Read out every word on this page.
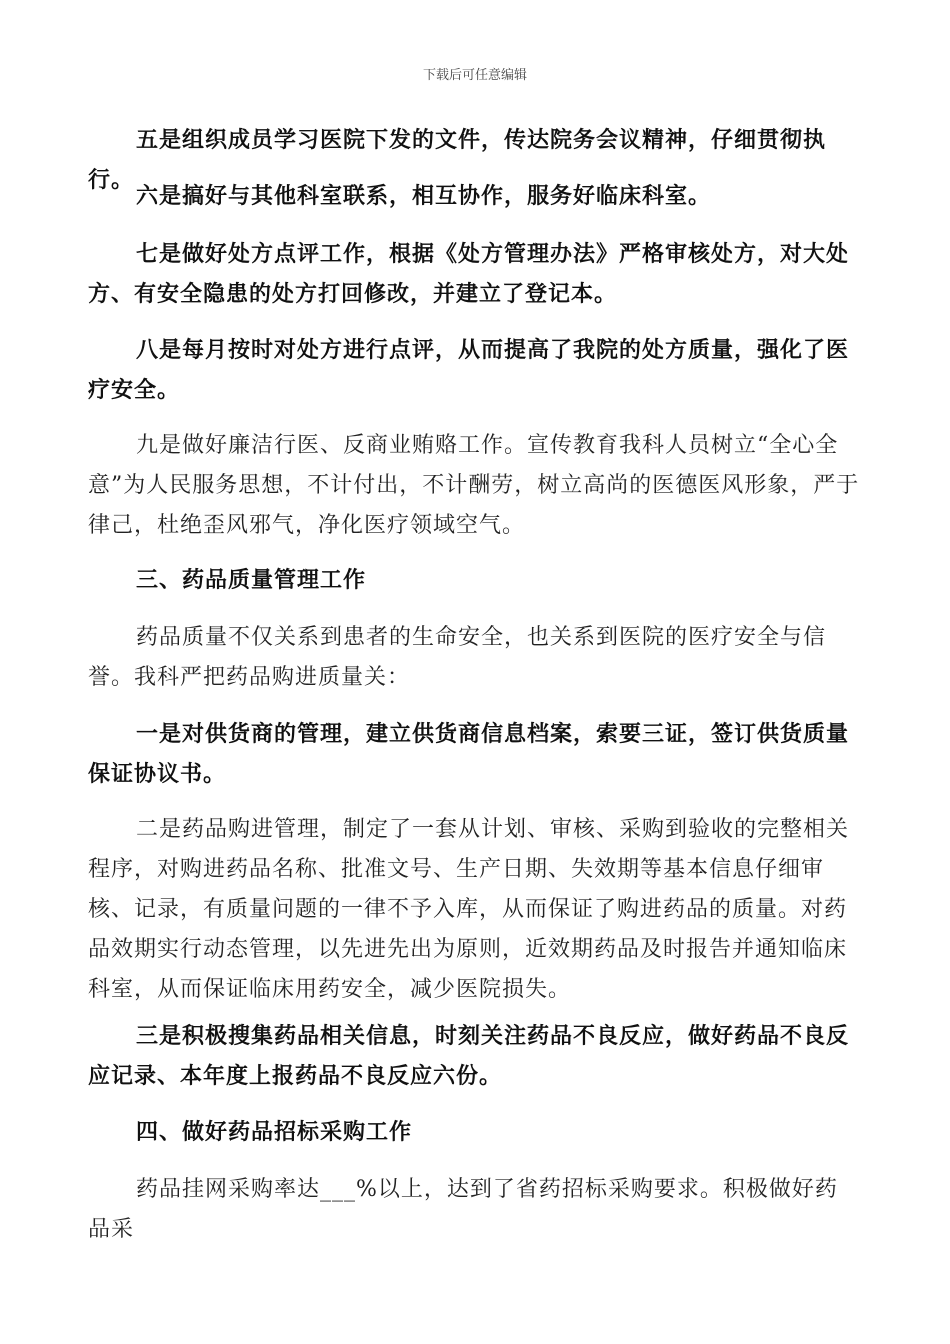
下载后可任意编辑

五是组织成员学习医院下发的文件，传达院务会议精神，仔细贯彻执行。

六是搞好与其他科室联系，相互协作，服务好临床科室。

七是做好处方点评工作，根据《处方管理办法》严格审核处方，对大处方、有安全隐患的处方打回修改，并建立了登记本。

八是每月按时对处方进行点评，从而提高了我院的处方质量，强化了医疗安全。

九是做好廉洁行医、反商业贿赂工作。宣传教育我科人员树立“全心全意”为人民服务思想，不计付出，不计酬劳，树立高尚的医德医风形象，严于律己，杜绝歪风邪气，净化医疗领域空气。

三、药品质量管理工作

药品质量不仅关系到患者的生命安全，也关系到医院的医疗安全与信誉。我科严把药品购进质量关：

一是对供货商的管理，建立供货商信息档案，索要三证，签订供货质量保证协议书。

二是药品购进管理，制定了一套从计划、审核、采购到验收的完整相关程序，对购进药品名称、批准文号、生产日期、失效期等基本信息仔细审核、记录，有质量问题的一律不予入库，从而保证了购进药品的质量。对药品效期实行动态管理，以先进先出为原则，近效期药品及时报告并通知临床科室，从而保证临床用药安全，减少医院损失。

三是积极搜集药品相关信息，时刻关注药品不良反应，做好药品不良反应记录、本年度上报药品不良反应六份。

四、做好药品招标采购工作

药品挂网采购率达___%以上，达到了省药招标采购要求。积极做好药品采
